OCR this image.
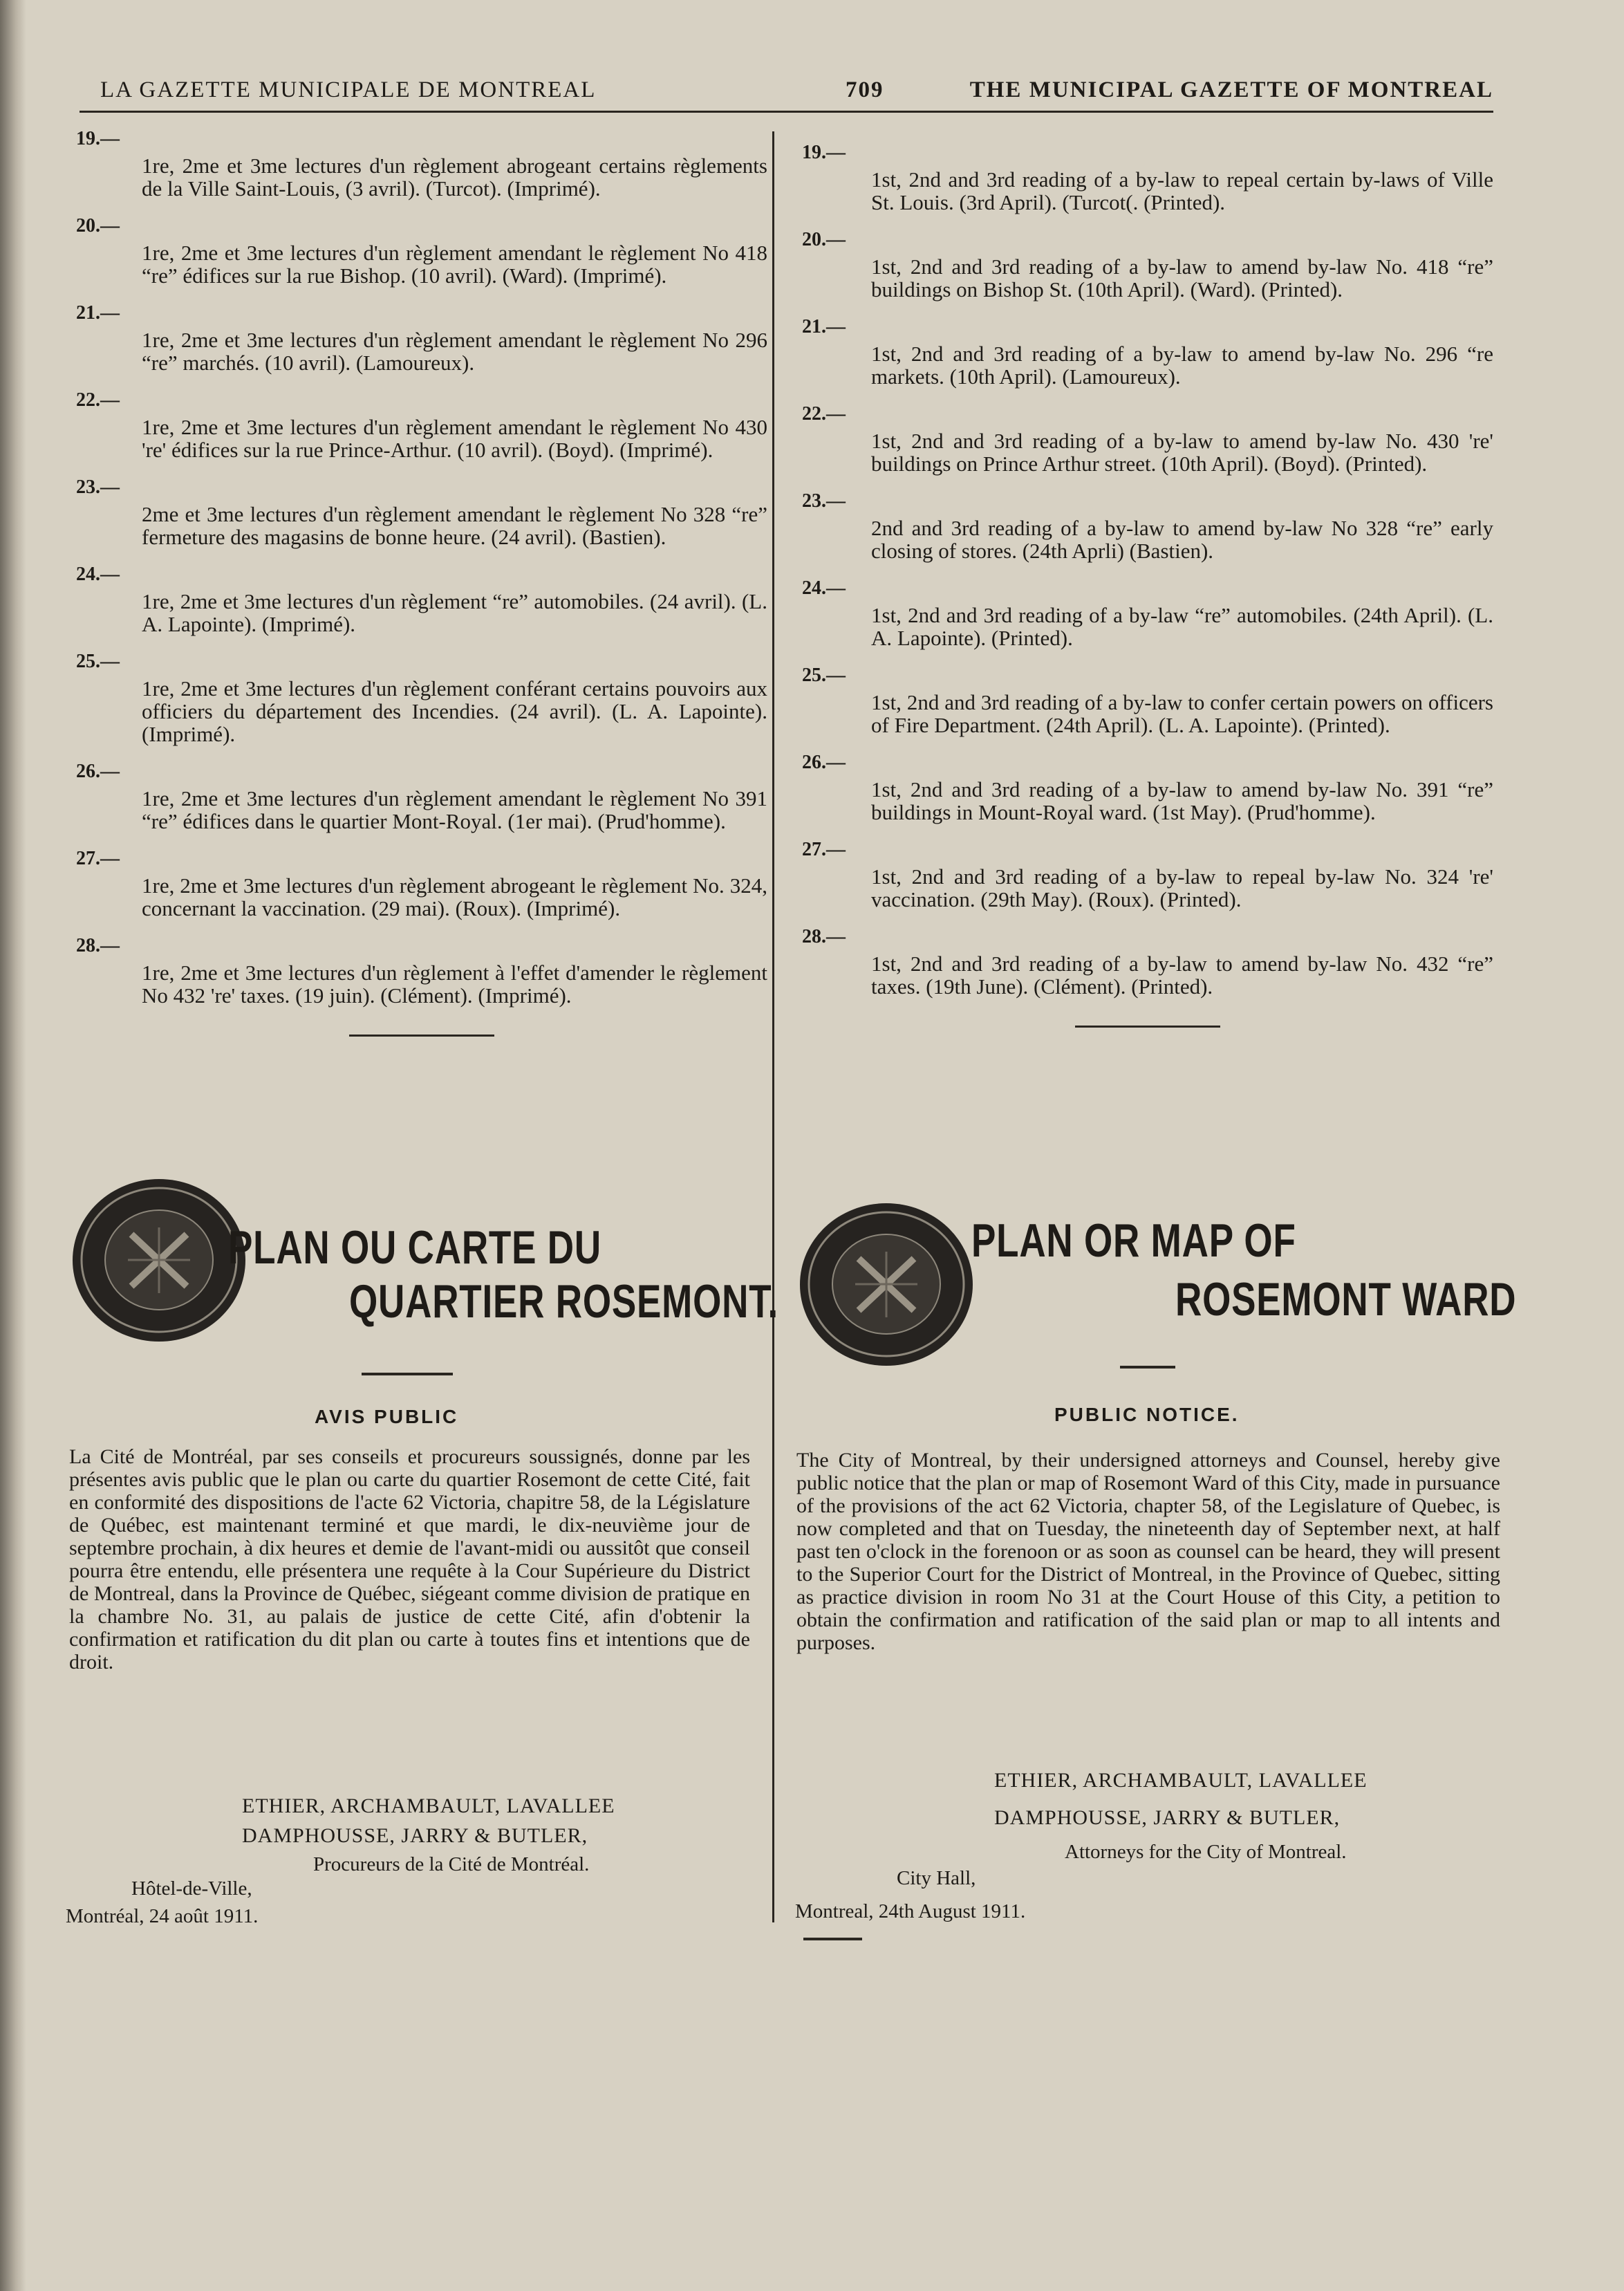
LA GAZETTE MUNICIPALE DE MONTREAL	709	THE MUNICIPAL GAZETTE OF MONTREAL
19.—
1re, 2me et 3me lectures d'un règlement abrogeant certains règlements de la Ville Saint-Louis, (3 avril). (Turcot). (Imprimé).
20.—
1re, 2me et 3me lectures d'un règlement amendant le règlement No 418 “re” édifices sur la rue Bishop. (10 avril). (Ward). (Imprimé).
21.—
1re, 2me et 3me lectures d'un règlement amendant le règlement No 296 “re” marchés. (10 avril). (Lamoureux).
22.—
1re, 2me et 3me lectures d'un règlement amendant le règlement No 430 're' édifices sur la rue Prince-Arthur. (10 avril). (Boyd). (Imprimé).
23.—
2me et 3me lectures d'un règlement amendant le règlement No 328 “re” fermeture des magasins de bonne heure. (24 avril). (Bastien).
24.—
1re, 2me et 3me lectures d'un règlement “re” automobiles. (24 avril). (L. A. Lapointe). (Imprimé).
25.—
1re, 2me et 3me lectures d'un règlement conférant certains pouvoirs aux officiers du département des Incendies. (24 avril). (L. A. Lapointe). (Imprimé).
26.—
1re, 2me et 3me lectures d'un règlement amendant le règlement No 391 “re” édifices dans le quartier Mont-Royal. (1er mai). (Prud'homme).
27.—
1re, 2me et 3me lectures d'un règlement abrogeant le règlement No. 324, concernant la vaccination. (29 mai). (Roux). (Imprimé).
28.—
1re, 2me et 3me lectures d'un règlement à l'effet d'amender le règlement No 432 're' taxes. (19 juin). (Clément). (Imprimé).
19.—
1st, 2nd and 3rd reading of a by-law to repeal certain by-laws of Ville St. Louis. (3rd April). (Turcot(. (Printed).
20.—
1st, 2nd and 3rd reading of a by-law to amend by-law No. 418 “re” buildings on Bishop St. (10th April). (Ward). (Printed).
21.—
1st, 2nd and 3rd reading of a by-law to amend by-law No. 296 “re markets. (10th April). (Lamoureux).
22.—
1st, 2nd and 3rd reading of a by-law to amend by-law No. 430 're' buildings on Prince Arthur street. (10th April). (Boyd). (Printed).
23.—
2nd and 3rd reading of a by-law to amend by-law No 328 “re” early closing of stores. (24th Aprli) (Bastien).
24.—
1st, 2nd and 3rd reading of a by-law “re” automobiles. (24th April). (L. A. Lapointe). (Printed).
25.—
1st, 2nd and 3rd reading of a by-law to confer certain powers on officers of Fire Department. (24th April). (L. A. Lapointe). (Printed).
26.—
1st, 2nd and 3rd reading of a by-law to amend by-law No. 391 “re” buildings in Mount-Royal ward. (1st May). (Prud'homme).
27.—
1st, 2nd and 3rd reading of a by-law to repeal by-law No. 324 're' vaccination. (29th May). (Roux). (Printed).
28.—
1st, 2nd and 3rd reading of a by-law to amend by-law No. 432 “re” taxes. (19th June). (Clément). (Printed).
PLAN OU CARTE DU
QUARTIER ROSEMONT.
AVIS PUBLIC
La Cité de Montréal, par ses conseils et procureurs soussignés, donne par les présentes avis public que le plan ou carte du quartier Rosemont de cette Cité, fait en conformité des dispositions de l'acte 62 Victoria, chapitre 58, de la Législature de Québec, est maintenant terminé et que mardi, le dix-neuvième jour de septembre prochain, à dix heures et demie de l'avant-midi ou aussitôt que conseil pourra être entendu, elle présentera une requête à la Cour Supérieure du District de Montreal, dans la Province de Québec, siégeant comme division de pratique en la chambre No. 31, au palais de justice de cette Cité, afin d'obtenir la confirmation et ratification du dit plan ou carte à toutes fins et intentions que de droit.
ETHIER, ARCHAMBAULT, LAVALLEE
DAMPHOUSSE, JARRY & BUTLER,
Procureurs de la Cité de Montréal.
Hôtel-de-Ville,
Montréal, 24 août 1911.
PLAN OR MAP OF
ROSEMONT WARD
PUBLIC NOTICE.
The City of Montreal, by their undersigned attorneys and Counsel, hereby give public notice that the plan or map of Rosemont Ward of this City, made in pursuance of the provisions of the act 62 Victoria, chapter 58, of the Legislature of Quebec, is now completed and that on Tuesday, the nineteenth day of September next, at half past ten o'clock in the forenoon or as soon as counsel can be heard, they will present to the Superior Court for the District of Montreal, in the Province of Quebec, sitting as practice division in room No 31 at the Court House of this City, a petition to obtain the confirmation and ratification of the said plan or map to all intents and purposes.
ETHIER, ARCHAMBAULT, LAVALLEE
DAMPHOUSSE, JARRY & BUTLER,
Attorneys for the City of Montreal.
City Hall,
Montreal, 24th August 1911.
